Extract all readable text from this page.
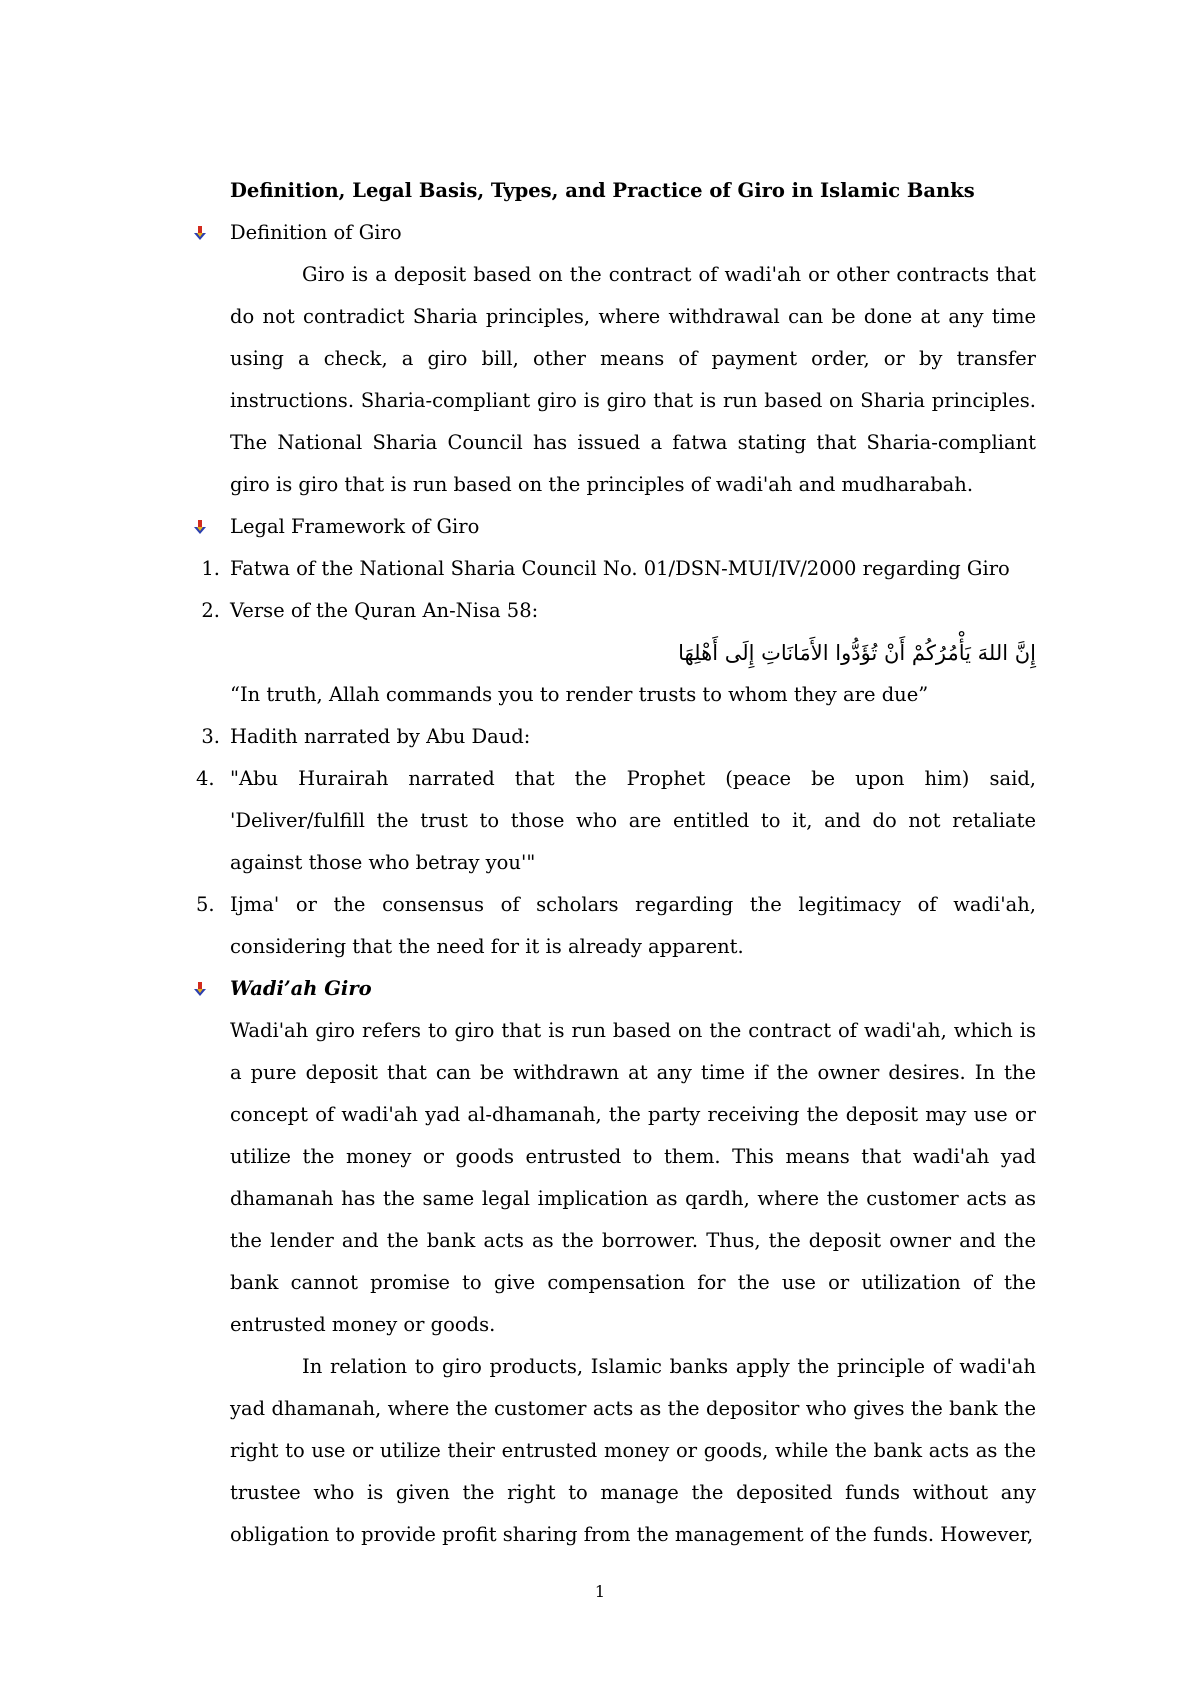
Definition, Legal Basis, Types, and Practice of Giro in Islamic Banks
Definition of Giro
Giro is a deposit based on the contract of wadi'ah or other contracts that do not contradict Sharia principles, where withdrawal can be done at any time using a check, a giro bill, other means of payment order, or by transfer instructions. Sharia-compliant giro is giro that is run based on Sharia principles. The National Sharia Council has issued a fatwa stating that Sharia-compliant giro is giro that is run based on the principles of wadi'ah and mudharabah.
Legal Framework of Giro
1. Fatwa of the National Sharia Council No. 01/DSN-MUI/IV/2000 regarding Giro
2. Verse of the Quran An-Nisa 58:
إِنَّ اللهَ يَأْمُرُكُمْ أَنْ تُؤَدُّوا الأَمَانَاتِ إِلَى أَهْلِهَا
“In truth, Allah commands you to render trusts to whom they are due”
3. Hadith narrated by Abu Daud:
4. "Abu Hurairah narrated that the Prophet (peace be upon him) said, 'Deliver/fulfill the trust to those who are entitled to it, and do not retaliate against those who betray you'"
5. Ijma' or the consensus of scholars regarding the legitimacy of wadi'ah, considering that the need for it is already apparent.
Wadi’ah Giro
Wadi'ah giro refers to giro that is run based on the contract of wadi'ah, which is a pure deposit that can be withdrawn at any time if the owner desires. In the concept of wadi'ah yad al-dhamanah, the party receiving the deposit may use or utilize the money or goods entrusted to them. This means that wadi'ah yad dhamanah has the same legal implication as qardh, where the customer acts as the lender and the bank acts as the borrower. Thus, the deposit owner and the bank cannot promise to give compensation for the use or utilization of the entrusted money or goods.
In relation to giro products, Islamic banks apply the principle of wadi'ah yad dhamanah, where the customer acts as the depositor who gives the bank the right to use or utilize their entrusted money or goods, while the bank acts as the trustee who is given the right to manage the deposited funds without any obligation to provide profit sharing from the management of the funds. However,
1
